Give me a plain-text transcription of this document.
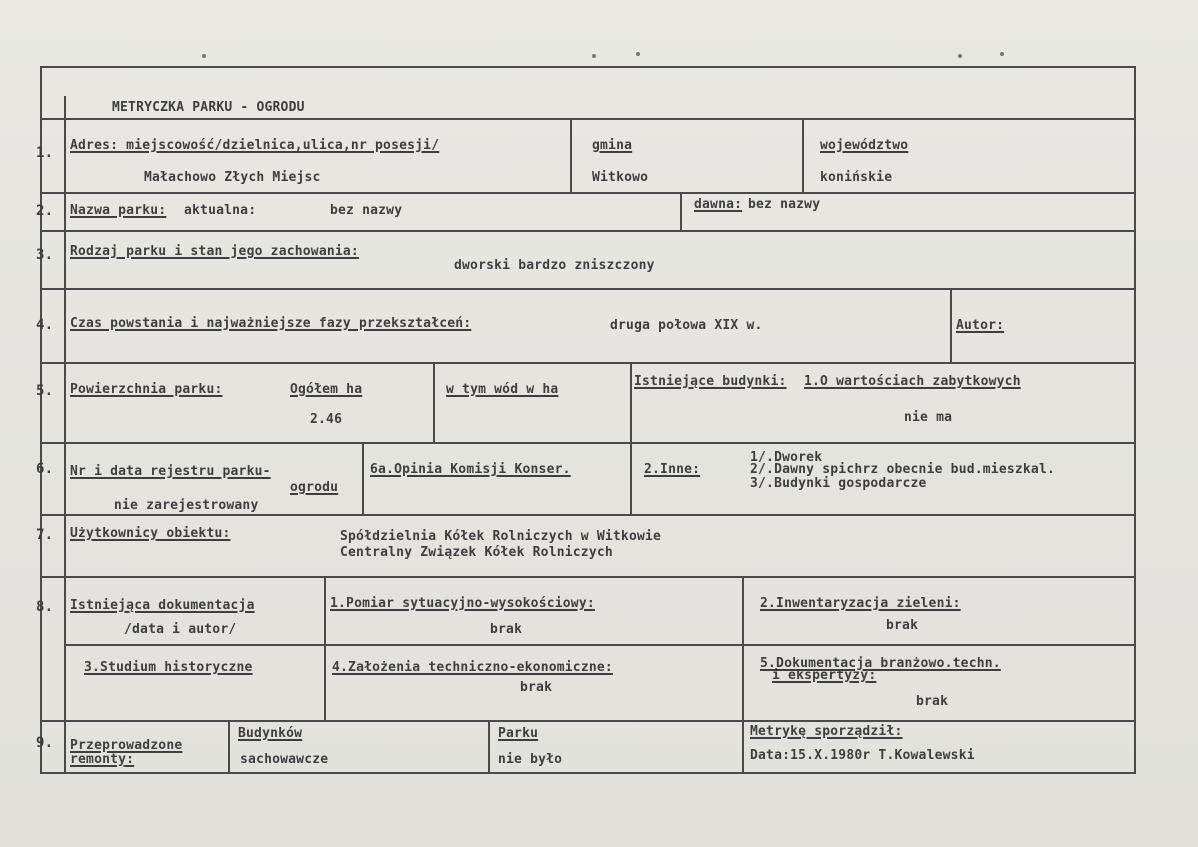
METRYCZKA PARKU - OGRODU
1. Adres: miejscowość/dzielnica,ulica,nr posesji/
Małachowo Złych Miejsc
gmina
Witkowo
województwo
konińskie
2. Nazwa parku: aktualna:	bez nazwy	dawna: bez nazwy
3. Rodzaj parku i stan jego zachowania:
dworski bardzo zniszczony
4. Czas powstania i najważniejsze fazy przekształceń:	druga połowa XIX w.	Autor:
5. Powierzchnia parku:	Ogółem ha
2.46
w tym wód w ha
Istniejące budynki: 1.O wartościach zabytkowych
nie ma
6. Nr i data rejestru parku-
ogrodu
nie zarejestrowany
6a.Opinia Komisji Konser.	2.Inne:
1/.Dworek
2/.Dawny spichrz obecnie bud.mieszkal.
3/.Budynki gospodarcze
7. Użytkownicy obiektu:	Spółdzielnia Kółek Rolniczych w Witkowie
Centralny Związek Kółek Rolniczych
8. Istniejąca dokumentacja
/data i autor/
1.Pomiar sytuacyjno-wysokościowy:
brak
2.Inwentaryzacja zieleni:
brak
3.Studium historyczne	4.Założenia techniczno-ekonomiczne:
brak
5.Dokumentacja branżowo.techn.
i ekspertyzy:
brak
9. Przeprowadzone
remonty:
Budynków
sachowawcze
Parku
nie było
Metrykę sporządził:
Data:15.X.1980r T.Kowalewski
